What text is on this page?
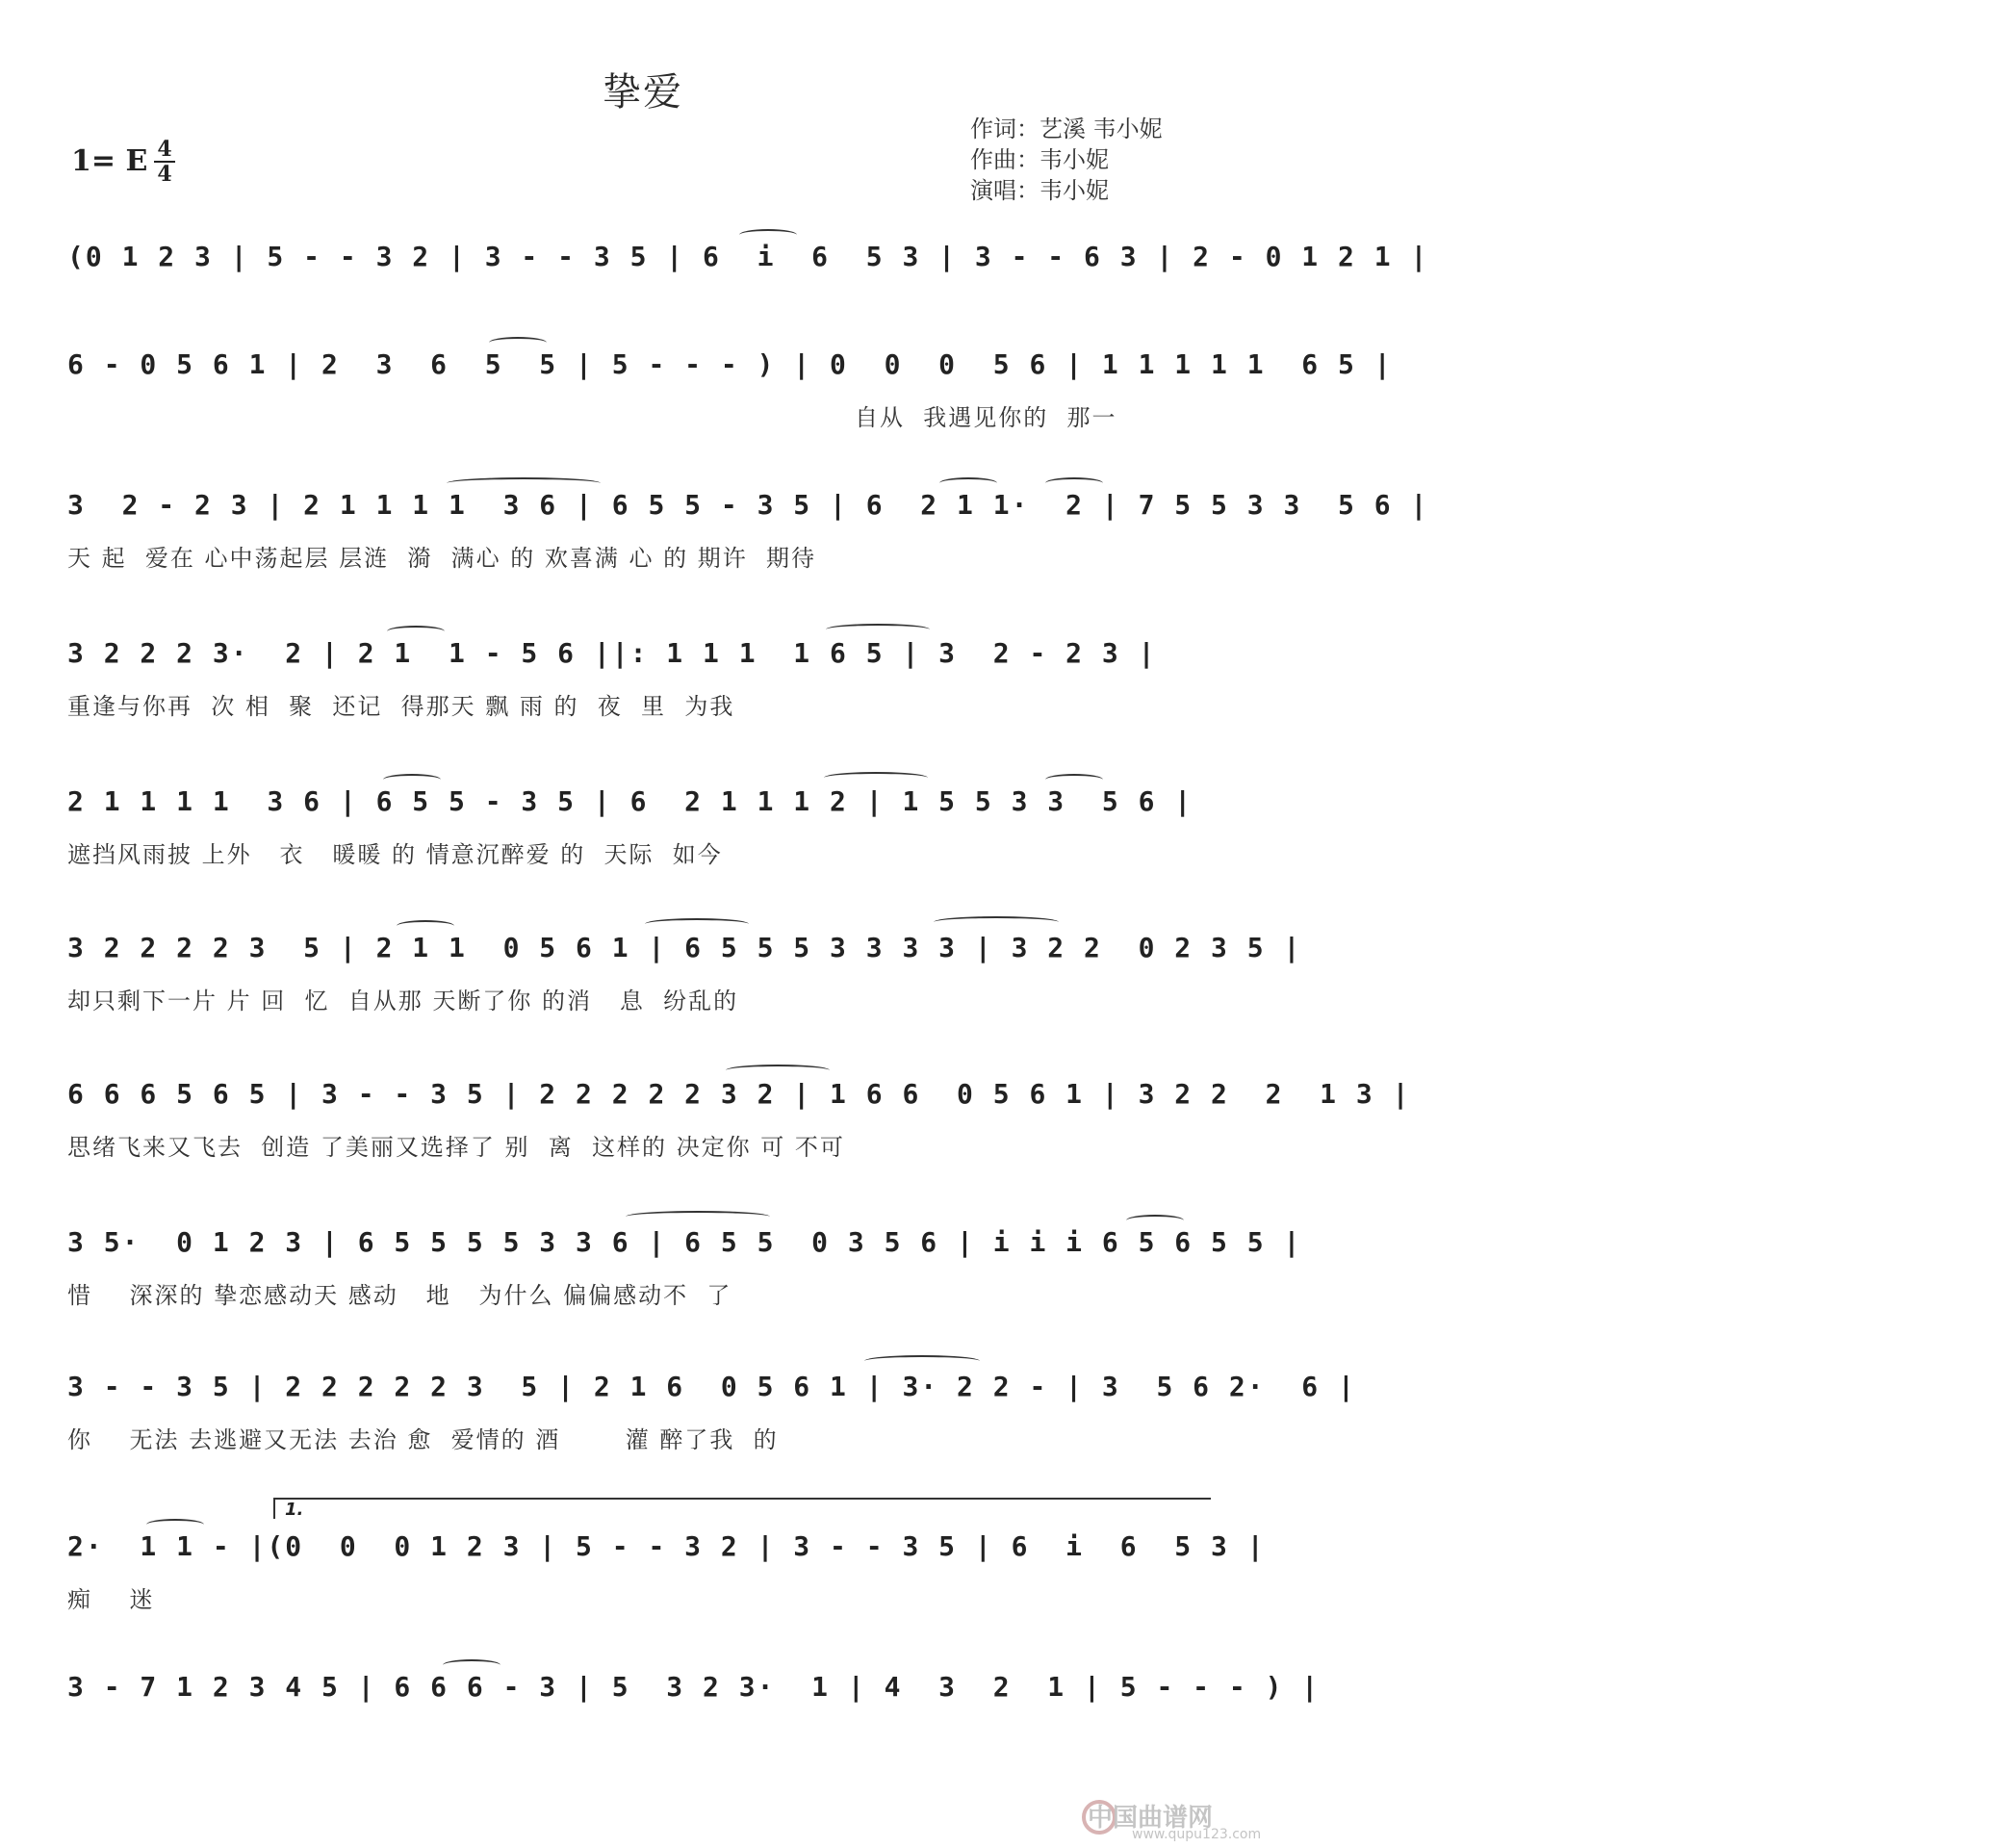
挚爱
1= E 4
4
作词：艺溪 韦小妮
作曲：韦小妮
演唱：韦小妮
(0 1 2 3 | 5 - - 3 2 | 3 - - 3 5 | 6  i  6  5 3 | 3 - - 6 3 | 2 - 0 1 2 1 |
6 - 0 5 6 1 | 2  3  6  5  5 | 5 - - - ) | 0  0  0  5 6 | 1 1 1 1 1  6 5 |
自从  我遇见你的  那一
3  2 - 2 3 | 2 1 1 1 1  3 6 | 6 5 5 - 3 5 | 6  2 1 1·  2 | 7 5 5 3 3  5 6 |
天 起  爱在 心中荡起层 层涟  漪  满心 的 欢喜满 心 的 期许  期待
3 2 2 2 3·  2 | 2 1  1 - 5 6 ||: 1 1 1  1 6 5 | 3  2 - 2 3 |
重逢与你再  次 相  聚  还记  得那天 飘 雨 的  夜  里  为我
2 1 1 1 1  3 6 | 6 5 5 - 3 5 | 6  2 1 1 1 2 | 1 5 5 3 3  5 6 |
遮挡风雨披 上外   衣   暖暖 的 情意沉醉爱 的  天际  如今
3 2 2 2 2 3  5 | 2 1 1  0 5 6 1 | 6 5 5 5 3 3 3 3 | 3 2 2  0 2 3 5 |
却只剩下一片 片 回  忆  自从那 天断了你 的消   息  纷乱的
6 6 6 5 6 5 | 3 - - 3 5 | 2 2 2 2 2 3 2 | 1 6 6  0 5 6 1 | 3 2 2  2  1 3 |
思绪飞来又飞去  创造 了美丽又选择了 别  离  这样的 决定你 可 不可
3 5·  0 1 2 3 | 6 5 5 5 5 3 3 6 | 6 5 5  0 3 5 6 | i i i 6 5 6 5 5 |
惜    深深的 挚恋感动天 感动   地   为什么 偏偏感动不  了
3 - - 3 5 | 2 2 2 2 2 3  5 | 2 1 6  0 5 6 1 | 3· 2 2 - | 3  5 6 2·  6 |
你    无法 去逃避又无法 去治 愈  爱情的 酒       灌 醉了我  的
1.
2·  1 1 - |(0  0  0 1 2 3 | 5 - - 3 2 | 3 - - 3 5 | 6  i  6  5 3 |
痴    迷
3 - 7 1 2 3 4 5 | 6 6 6 - 3 | 5  3 2 3·  1 | 4  3  2  1 | 5 - - - ) |
中国曲谱网
www.qupu123.com
